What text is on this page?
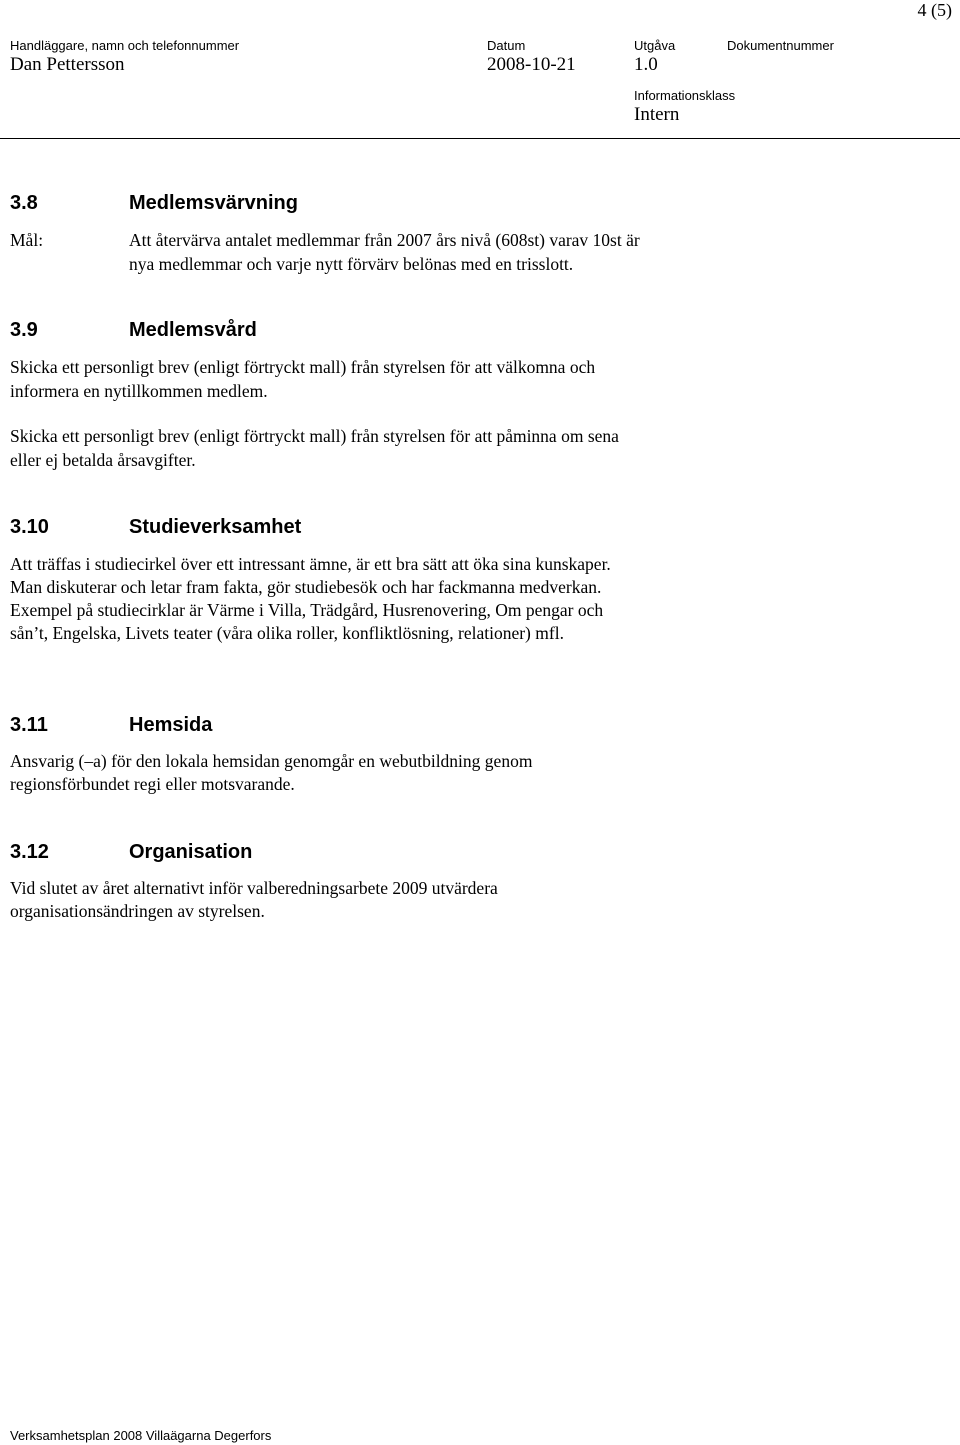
4 (5)
Handläggare, namn och telefonnummer
Dan Pettersson
Datum
2008-10-21
Utgåva
1.0
Dokumentnummer
Informationsklass
Intern
3.8	Medlemsvärvning
Mål:	Att återvärva antalet medlemmar från 2007 års nivå (608st) varav 10st är
nya medlemmar och varje nytt förvärv belönas med en trisslott.
3.9	Medlemsvård
Skicka ett personligt brev (enligt förtryckt mall) från styrelsen för att välkomna och
informera en nytillkommen medlem.
Skicka ett personligt brev (enligt förtryckt mall) från styrelsen för att påminna om sena
eller ej betalda årsavgifter.
3.10	Studieverksamhet
Att träffas i studiecirkel över ett intressant ämne, är ett bra sätt att öka sina kunskaper.
Man diskuterar och letar fram fakta, gör studiebesök och har fackmanna medverkan.
Exempel på studiecirklar är Värme i Villa, Trädgård, Husrenovering, Om pengar och
sån’t, Engelska, Livets teater (våra olika roller, konfliktlösning, relationer) mfl.
3.11	Hemsida
Ansvarig (–a) för den lokala hemsidan genomgår en webutbildning genom
regionsförbundet regi eller motsvarande.
3.12	Organisation
Vid slutet av året alternativt inför valberedningsarbete 2009 utvärdera
organisationsändringen av styrelsen.
Verksamhetsplan 2008 Villaägarna Degerfors
